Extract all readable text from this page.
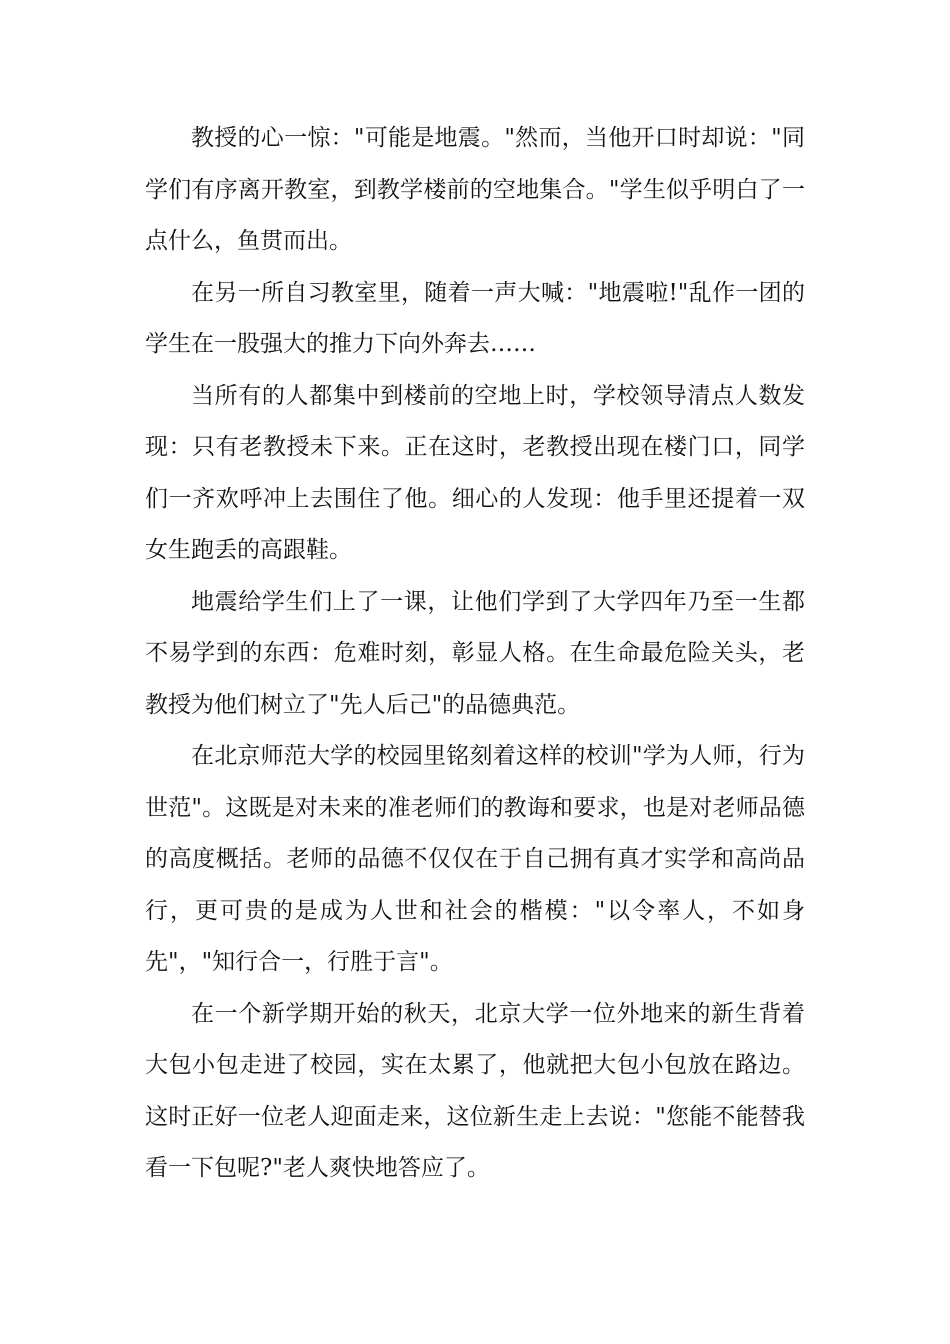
教授的心一惊："可能是地震。"然而，当他开口时却说："同学们有序离开教室，到教学楼前的空地集合。"学生似乎明白了一点什么，鱼贯而出。

在另一所自习教室里，随着一声大喊："地震啦!"乱作一团的学生在一股强大的推力下向外奔去……

当所有的人都集中到楼前的空地上时，学校领导清点人数发现：只有老教授未下来。正在这时，老教授出现在楼门口，同学们一齐欢呼冲上去围住了他。细心的人发现：他手里还提着一双女生跑丢的高跟鞋。

地震给学生们上了一课，让他们学到了大学四年乃至一生都不易学到的东西：危难时刻，彰显人格。在生命最危险关头，老教授为他们树立了"先人后己"的品德典范。

在北京师范大学的校园里铭刻着这样的校训"学为人师，行为世范"。这既是对未来的准老师们的教诲和要求，也是对老师品德的高度概括。老师的品德不仅仅在于自己拥有真才实学和高尚品行，更可贵的是成为人世和社会的楷模："以令率人，不如身先"，"知行合一，行胜于言"。

在一个新学期开始的秋天，北京大学一位外地来的新生背着大包小包走进了校园，实在太累了，他就把大包小包放在路边。这时正好一位老人迎面走来，这位新生走上去说："您能不能替我看一下包呢?"老人爽快地答应了。
